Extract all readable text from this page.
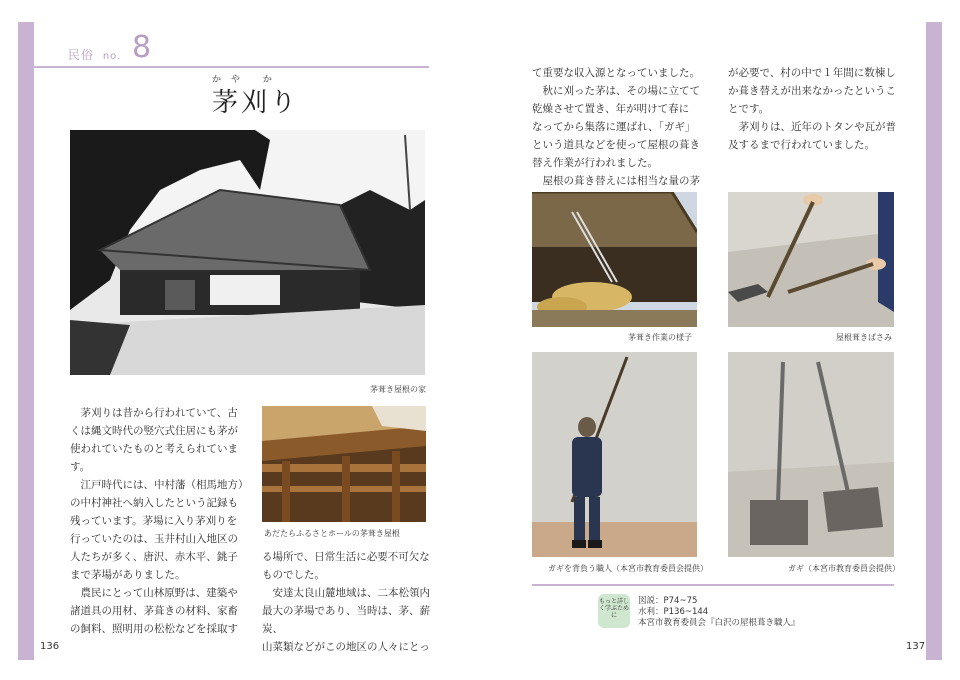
民俗 no. 8
かや か
茅刈り
茅葺き屋根の家

茅刈りは昔から行われていて、古

くは縄文時代の竪穴式住居にも茅が

使われていたものと考えられていま

す。

江戸時代には、中村藩（相馬地方）

の中村神社へ納入したという記録も

残っています。茅場に入り茅刈りを

行っていたのは、玉井村山入地区の

人たちが多く、唐沢、赤木平、銚子

まで茅場がありました。

農民にとって山林原野は、建築や

諸道具の用材、茅葺きの材料、家畜

の飼料、照明用の松松などを採取す

あだたらふるさとホールの茅葺き屋根

る場所で、日常生活に必要不可欠な

ものでした。

安達太良山麓地域は、二本松領内

最大の茅場であり、当時は、茅、薪炭、

山菜類などがこの地区の人々にとっ

136

て重要な収入源となっていました。

秋に刈った茅は、その場に立てて

乾燥させて置き、年が明けて春に

なってから集落に運ばれ、「ガギ」

という道具などを使って屋根の葺き

替え作業が行われました。

屋根の葺き替えには相当な量の茅

が必要で、村の中で１年間に数棟し

か葺き替えが出来なかったというこ

とです。

茅刈りは、近年のトタンや瓦が普

及するまで行われていました。

茅葺き作業の様子	屋根葺きばさみ
ガギを背負う職人（本宮市教育委員会提供）	ガギ（本宮市教育委員会提供）
もっと詳しく学ぶために
図説：P74~75
水利：P136~144
本宮市教育委員会『白沢の屋根葺き職人』
137
